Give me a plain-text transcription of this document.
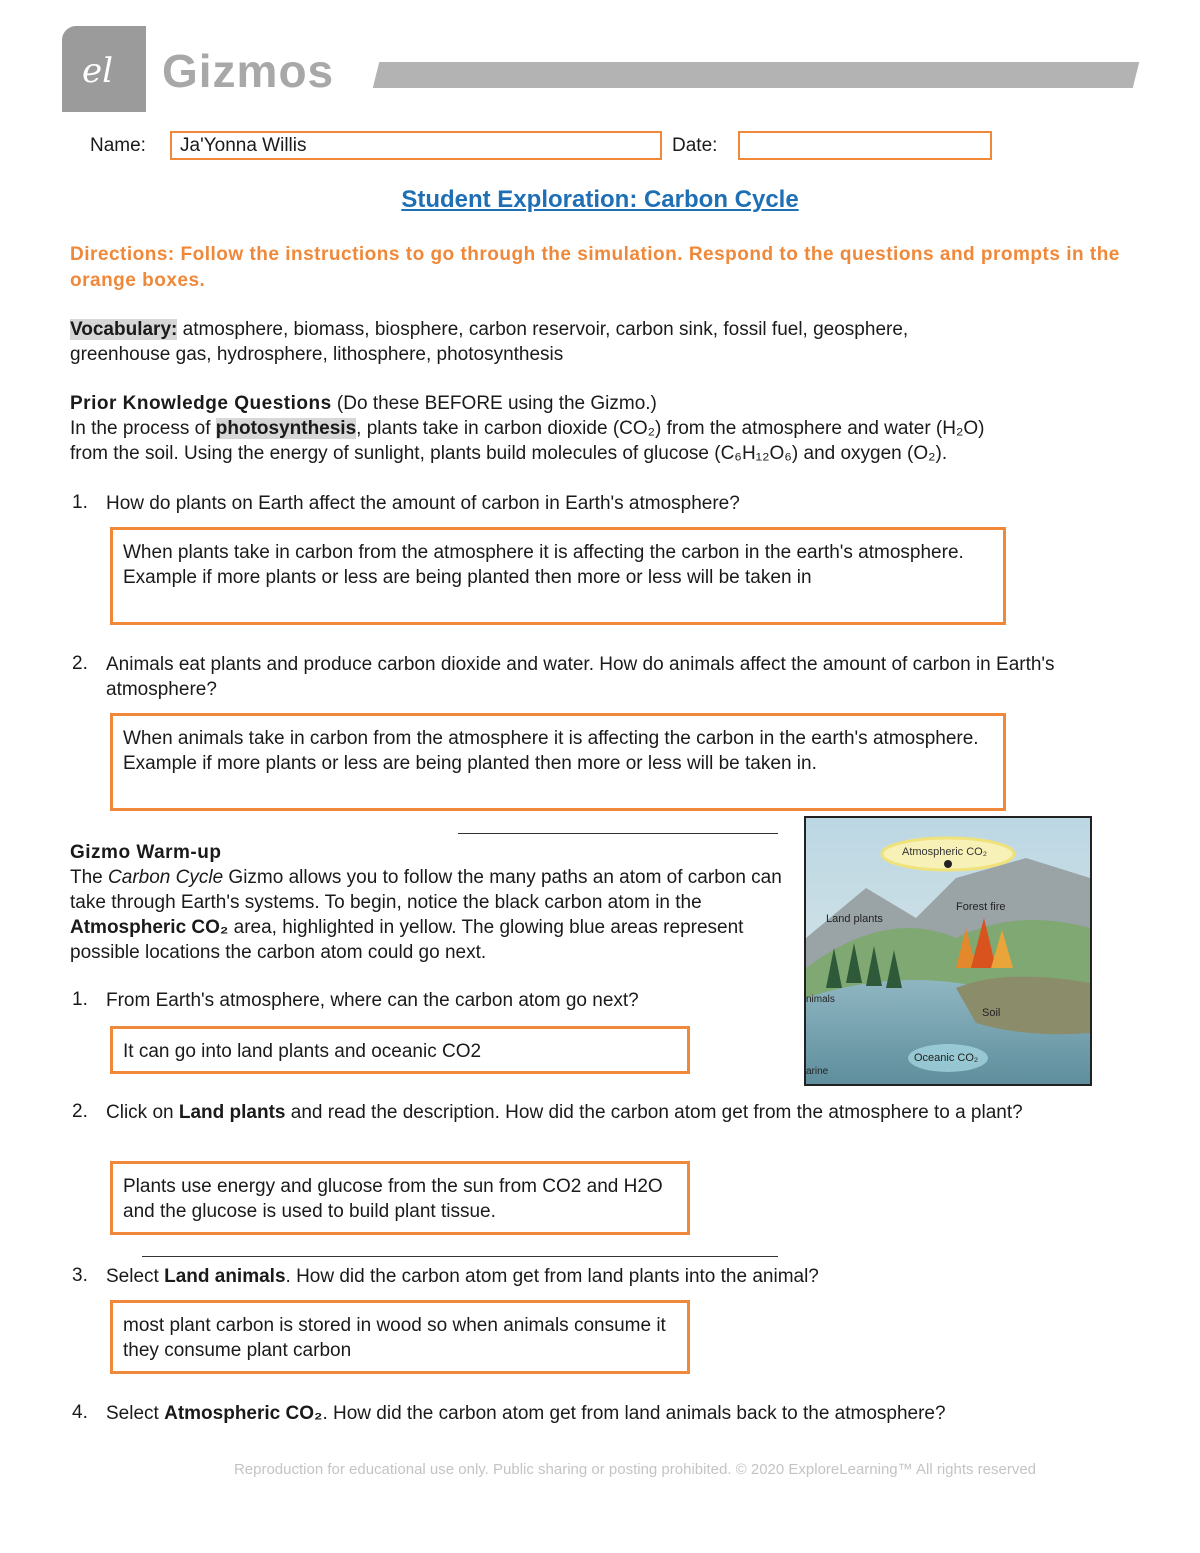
el Gizmos
Name:	Ja'Yonna Willis	Date:
Student Exploration: Carbon Cycle
Directions: Follow the instructions to go through the simulation. Respond to the questions and prompts in the orange boxes.
Vocabulary: atmosphere, biomass, biosphere, carbon reservoir, carbon sink, fossil fuel, geosphere,
greenhouse gas, hydrosphere, lithosphere, photosynthesis
Prior Knowledge Questions (Do these BEFORE using the Gizmo.)
In the process of photosynthesis, plants take in carbon dioxide (CO₂) from the atmosphere and water (H₂O)
from the soil. Using the energy of sunlight, plants build molecules of glucose (C₆H₁₂O₆) and oxygen (O₂).
1. How do plants on Earth affect the amount of carbon in Earth's atmosphere?
When plants take in carbon from the atmosphere it is affecting the carbon in the earth's atmosphere. Example if more plants or less are being planted then more or less will be taken in
2. Animals eat plants and produce carbon dioxide and water. How do animals affect the amount of carbon in Earth's atmosphere?
When animals take in carbon from the atmosphere it is affecting the carbon in the earth's atmosphere. Example if more plants or less are being planted then more or less will be taken in.
Gizmo Warm-up
The Carbon Cycle Gizmo allows you to follow the many paths an atom of carbon can take through Earth's systems. To begin, notice the black carbon atom in the Atmospheric CO₂ area, highlighted in yellow. The glowing blue areas represent possible locations the carbon atom could go next.
Atmospheric CO₂
Forest fire
Land plants
nimals
Soil
Oceanic CO₂
arine
1. From Earth's atmosphere, where can the carbon atom go next?
It can go into land plants and oceanic CO2
2. Click on Land plants and read the description. How did the carbon atom get from the atmosphere to a plant?
Plants use energy and glucose from the sun from CO2 and H2O and the glucose is used to build plant tissue.
3. Select Land animals. How did the carbon atom get from land plants into the animal?
most plant carbon is stored in wood so when animals consume it they consume plant carbon
4. Select Atmospheric CO₂. How did the carbon atom get from land animals back to the atmosphere?
Reproduction for educational use only. Public sharing or posting prohibited. © 2020 ExploreLearning™ All rights reserved
